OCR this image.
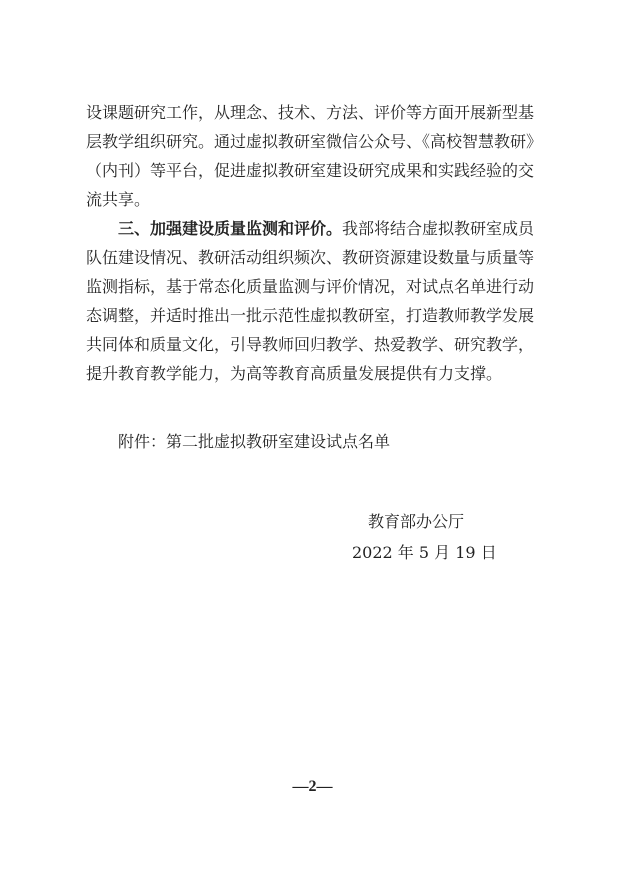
设课题研究工作，从理念、技术、方法、评价等方面开展新型基
层教学组织研究。通过虚拟教研室微信公众号、《高校智慧教研》
（内刊）等平台，促进虚拟教研室建设研究成果和实践经验的交
流共享。
　　三、加强建设质量监测和评价。我部将结合虚拟教研室成员
队伍建设情况、教研活动组织频次、教研资源建设数量与质量等
监测指标，基于常态化质量监测与评价情况，对试点名单进行动
态调整，并适时推出一批示范性虚拟教研室，打造教师教学发展
共同体和质量文化，引导教师回归教学、热爱教学、研究教学，
提升教育教学能力，为高等教育高质量发展提供有力支撑。
附件：第二批虚拟教研室建设试点名单
教育部办公厅
2022 年 5 月 19 日
—2—
